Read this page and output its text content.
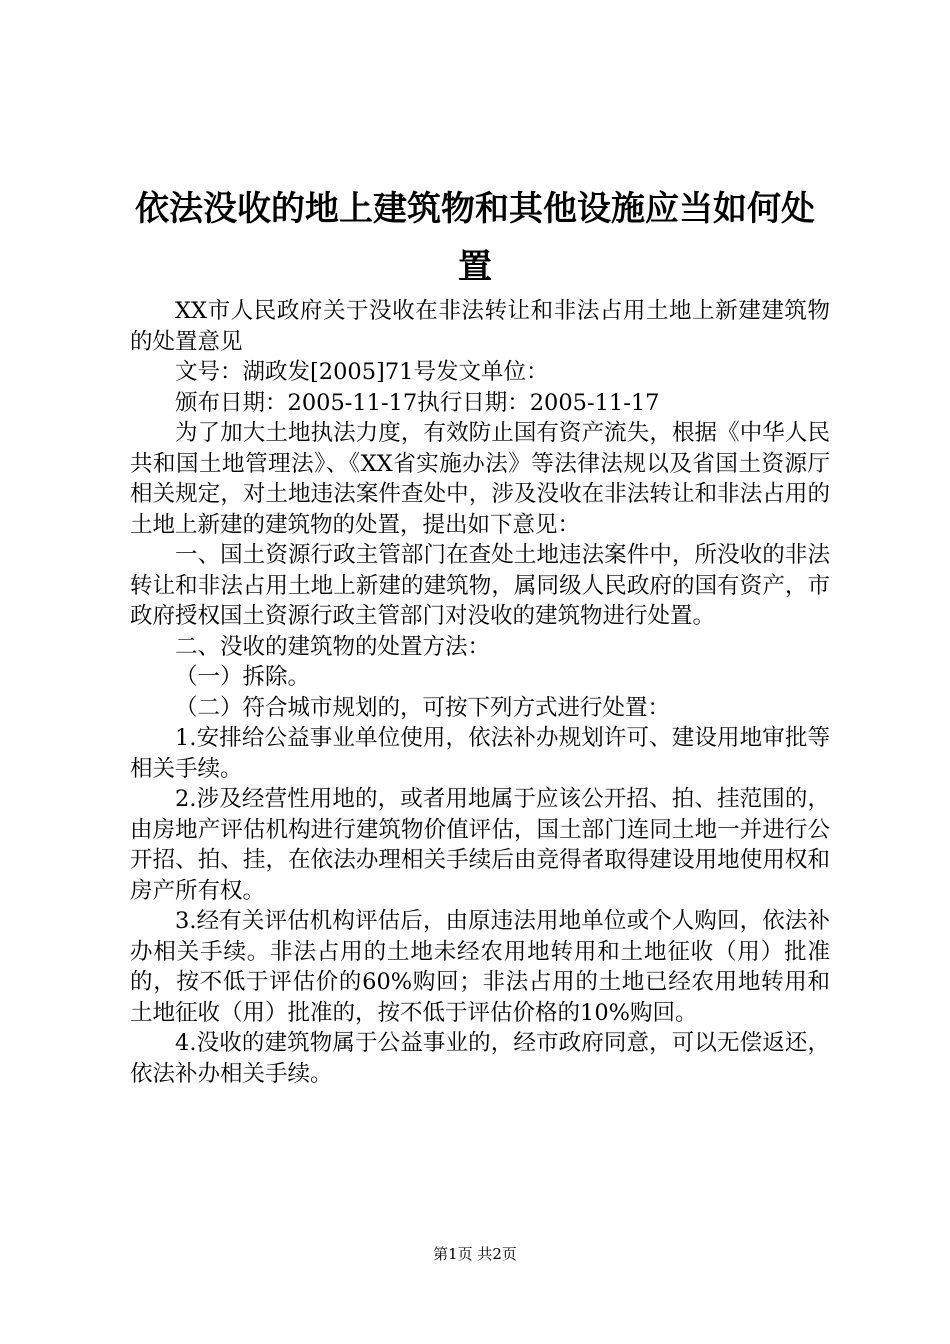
依法没收的地上建筑物和其他设施应当如何处置

XX市人民政府关于没收在非法转让和非法占用土地上新建建筑物的处置意见

文号：湖政发[2005]71号发文单位：

颁布日期：2005-11-17执行日期：2005-11-17

为了加大土地执法力度，有效防止国有资产流失，根据《中华人民共和国土地管理法》、《XX省实施办法》等法律法规以及省国土资源厅相关规定，对土地违法案件查处中，涉及没收在非法转让和非法占用的土地上新建的建筑物的处置，提出如下意见：

一、国土资源行政主管部门在查处土地违法案件中，所没收的非法转让和非法占用土地上新建的建筑物，属同级人民政府的国有资产，市政府授权国土资源行政主管部门对没收的建筑物进行处置。

二、没收的建筑物的处置方法：

（一）拆除。

（二）符合城市规划的，可按下列方式进行处置：

1.安排给公益事业单位使用，依法补办规划许可、建设用地审批等相关手续。

2.涉及经营性用地的，或者用地属于应该公开招、拍、挂范围的，由房地产评估机构进行建筑物价值评估，国土部门连同土地一并进行公开招、拍、挂，在依法办理相关手续后由竞得者取得建设用地使用权和房产所有权。

3.经有关评估机构评估后，由原违法用地单位或个人购回，依法补办相关手续。非法占用的土地未经农用地转用和土地征收（用）批准的，按不低于评估价的60%购回；非法占用的土地已经农用地转用和土地征收（用）批准的，按不低于评估价格的10%购回。

4.没收的建筑物属于公益事业的，经市政府同意，可以无偿返还，依法补办相关手续。

第1页 共2页
